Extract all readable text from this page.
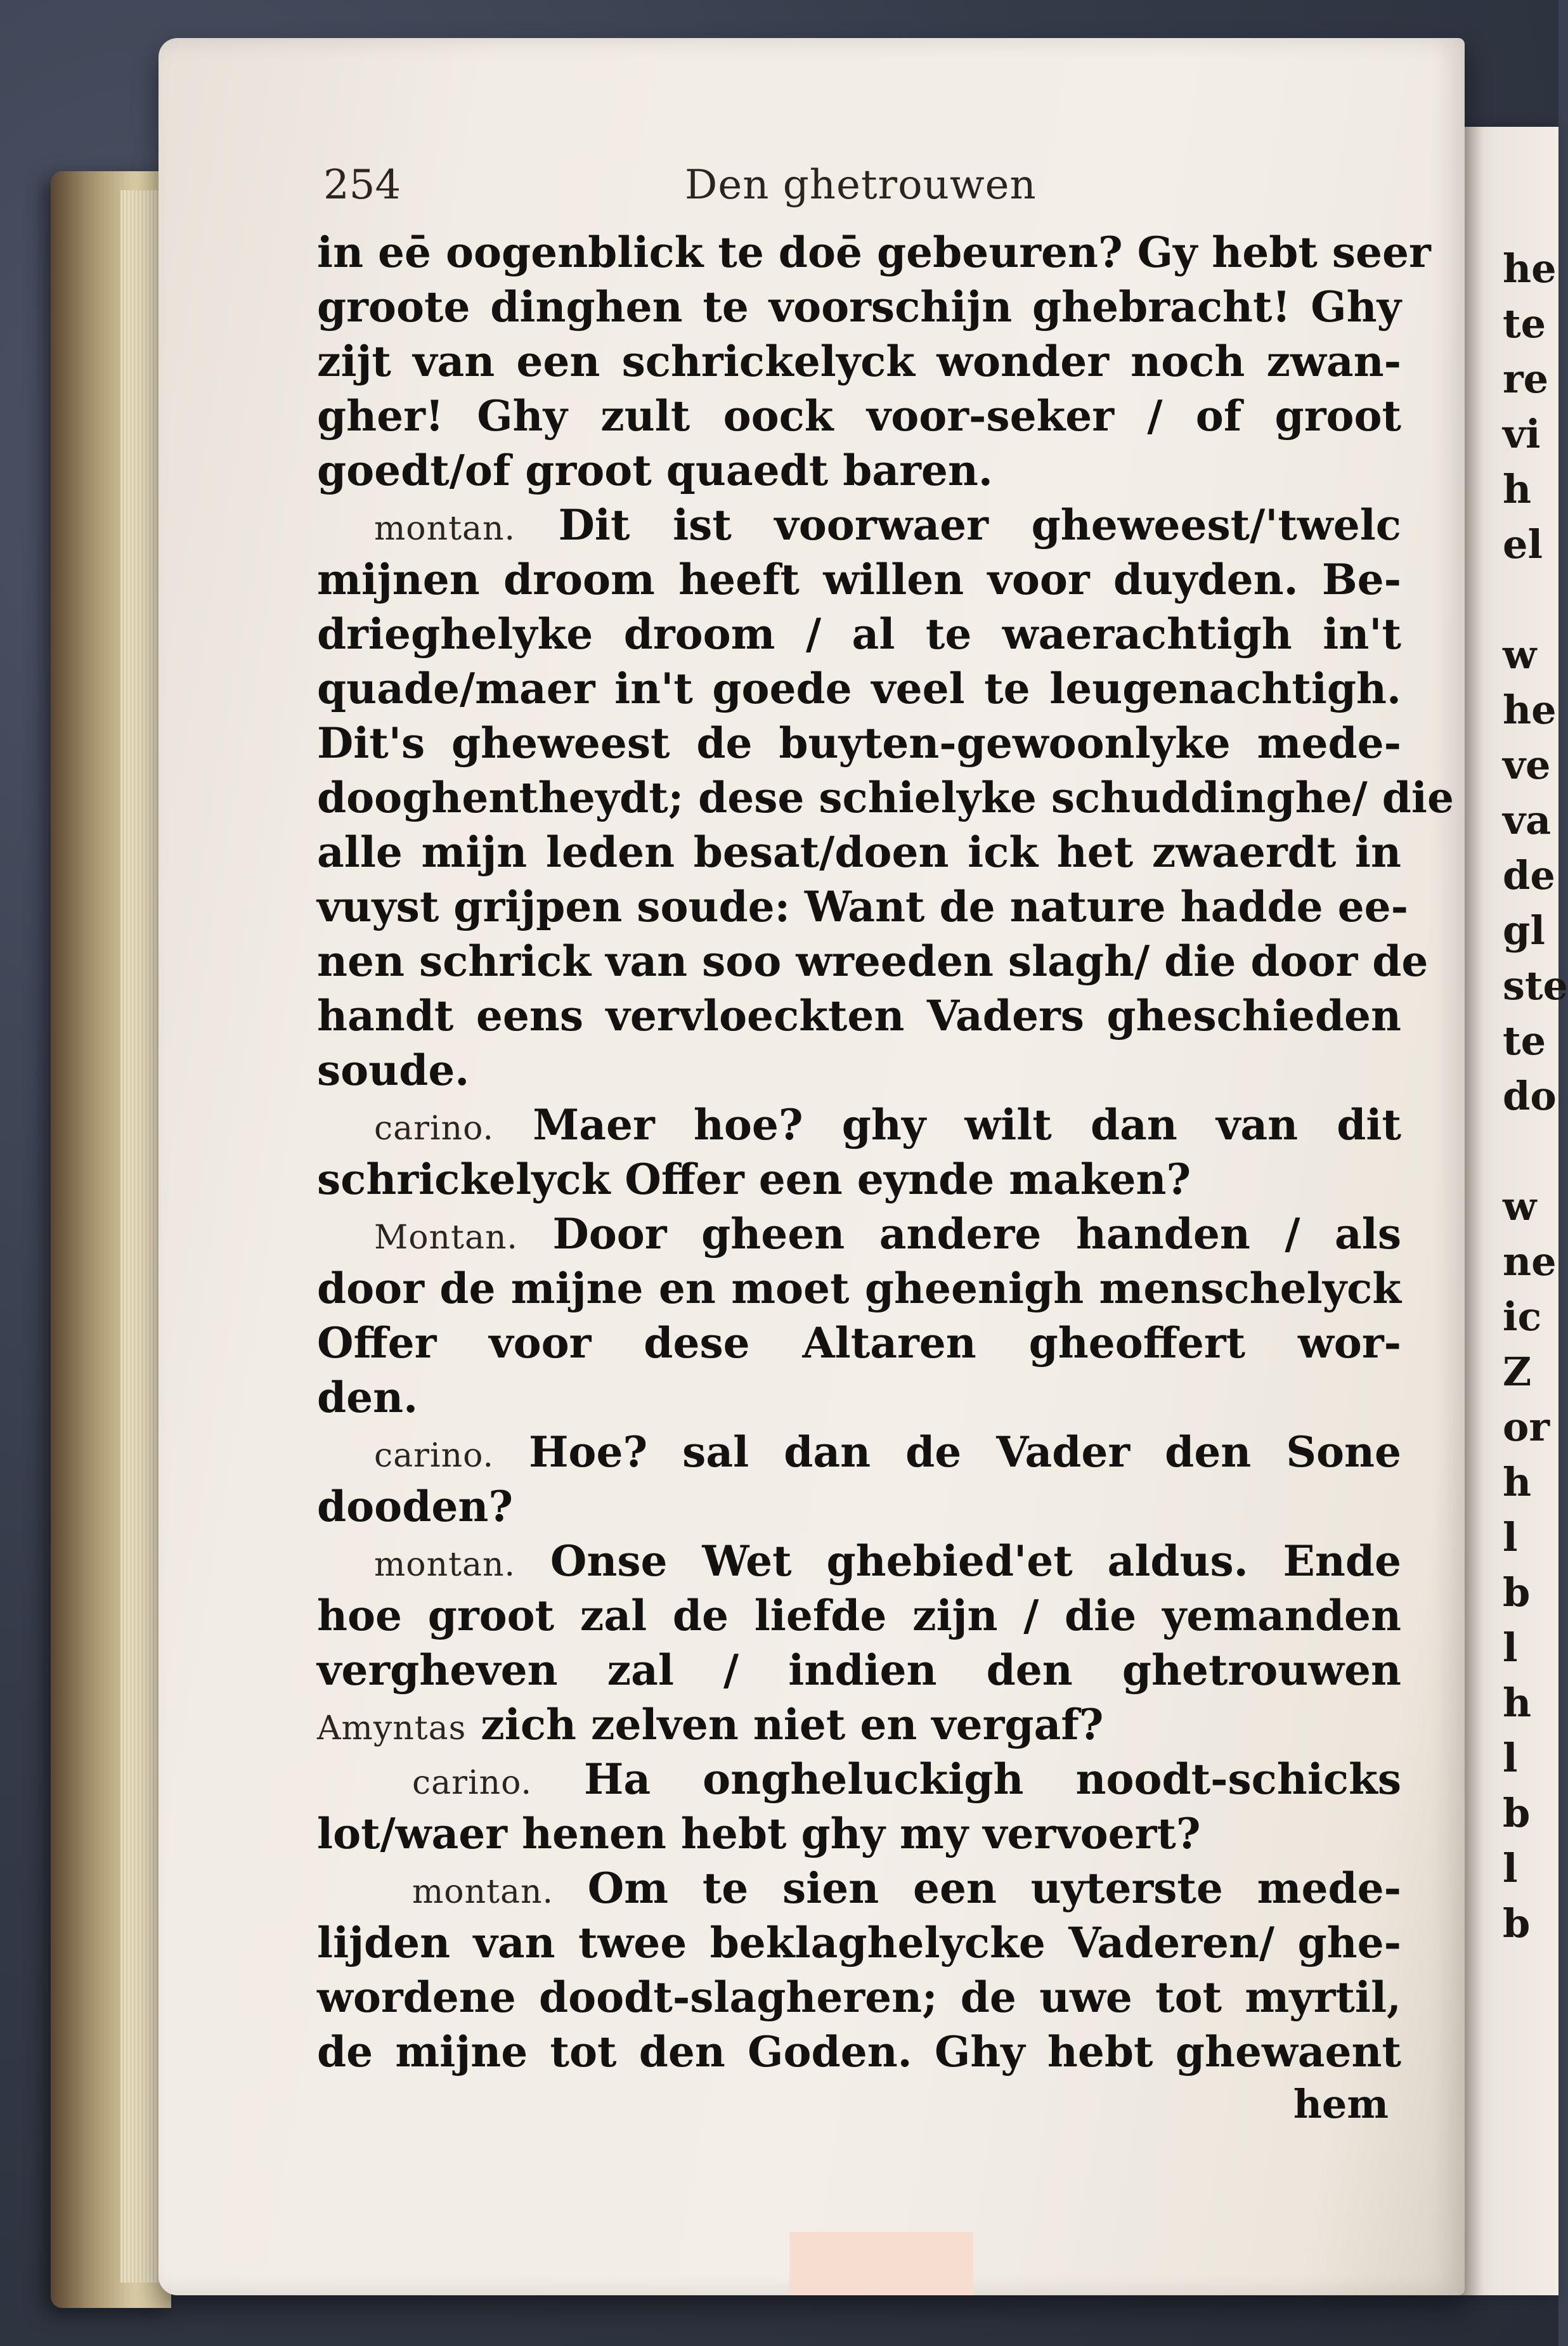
he
te
re
vi
h
el
w
he
ve
va
de
gl
ste
te
do
w
ne
ic
Z
or
h
l
b
l
h
l
b
l
b
254	Den ghetrouwen
in eē oogenblick te doē gebeuren? Gy hebt seer
groote dinghen te voorschijn ghebracht! Ghy
zijt van een schrickelyck wonder noch zwan-
gher! Ghy zult oock voor-seker / of groot
goedt/of groot quaedt baren.
montan. Dit ist voorwaer gheweest/'twelc
mijnen droom heeft willen voor duyden. Be-
drieghelyke droom / al te waerachtigh in't
quade/maer in't goede veel te leugenachtigh.
Dit's gheweest de buyten-gewoonlyke mede-
dooghentheydt; dese schielyke schuddinghe/ die
alle mijn leden besat/doen ick het zwaerdt in
vuyst grijpen soude: Want de nature hadde ee-
nen schrick van soo wreeden slagh/ die door de
handt eens vervloeckten Vaders gheschieden
soude.
carino. Maer hoe? ghy wilt dan van dit
schrickelyck Offer een eynde maken?
Montan. Door gheen andere handen / als
door de mijne en moet gheenigh menschelyck
Offer voor dese Altaren gheoffert wor-
den.
carino. Hoe? sal dan de Vader den Sone
dooden?
montan. Onse Wet ghebied'et aldus. Ende
hoe groot zal de liefde zijn / die yemanden
vergheven zal / indien den ghetrouwen
Amyntas zich zelven niet en vergaf?
carino. Ha ongheluckigh noodt-schicks
lot/waer henen hebt ghy my vervoert?
montan. Om te sien een uyterste mede-
lijden van twee beklaghelycke Vaderen/ ghe-
wordene doodt-slagheren; de uwe tot myrtil,
de mijne tot den Goden. Ghy hebt ghewaent
hem
